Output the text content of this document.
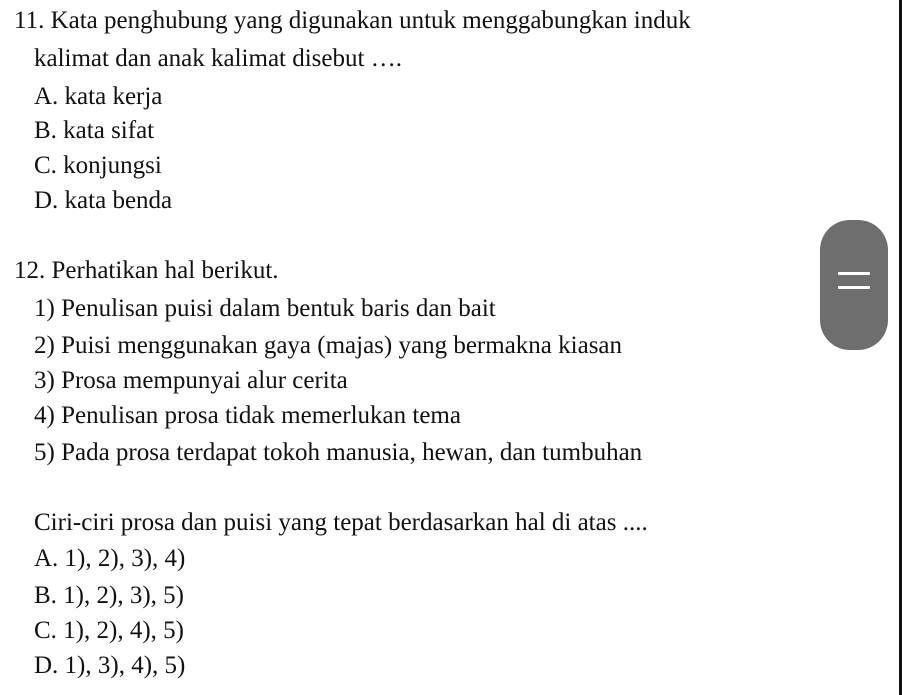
11. Kata penghubung yang digunakan untuk menggabungkan induk
kalimat dan anak kalimat disebut ….
A. kata kerja
B. kata sifat
C. konjungsi
D. kata benda
12. Perhatikan hal berikut.
1) Penulisan puisi dalam bentuk baris dan bait
2) Puisi menggunakan gaya (majas) yang bermakna kiasan
3) Prosa mempunyai alur cerita
4) Penulisan prosa tidak memerlukan tema
5) Pada prosa terdapat tokoh manusia, hewan, dan tumbuhan
Ciri-ciri prosa dan puisi yang tepat berdasarkan hal di atas ....
A. 1), 2), 3), 4)
B. 1), 2), 3), 5)
C. 1), 2), 4), 5)
D. 1), 3), 4), 5)
